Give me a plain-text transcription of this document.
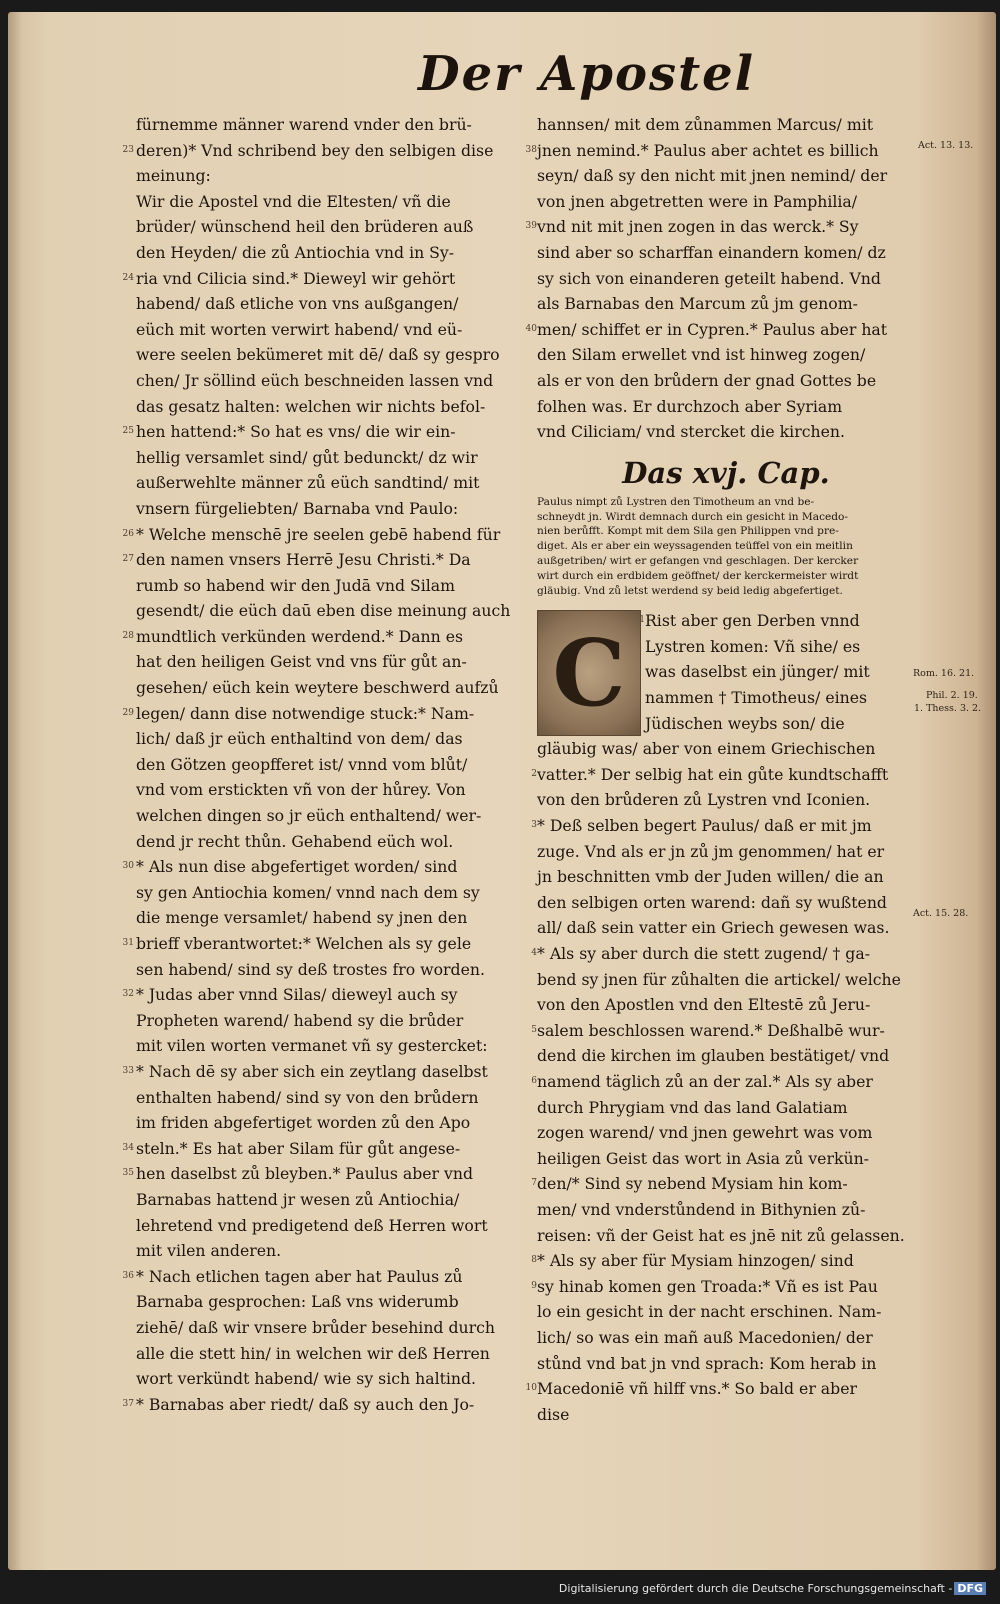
Der Apostel
fürnemme männer warend vnder den brü-
23 deren)* Vnd schribend bey den selbigen dise
meinung:
Wir die Apostel vnd die Eltesten/ vñ die
brüder/ wünschend heil den brüderen auß
den Heyden/ die zů Antiochia vnd in Sy-
24 ria vnd Cilicia sind.* Dieweyl wir gehört
habend/ daß etliche von vns außgangen/
eüch mit worten verwirt habend/ vnd eü-
were seelen bekümeret mit dē/ daß sy gespro
chen/ Jr söllind eüch beschneiden lassen vnd
das gesatz halten: welchen wir nichts befol-
25 hen hattend:* So hat es vns/ die wir ein-
hellig versamlet sind/ gůt bedunckt/ dz wir
außerwehlte männer zů eüch sandtind/ mit
vnsern fürgeliebten/ Barnaba vnd Paulo:
26 * Welche menschē jre seelen gebē habend für
27 den namen vnsers Herrē Jesu Christi.* Da
rumb so habend wir den Judā vnd Silam
gesendt/ die eüch daū eben dise meinung auch
28 mundtlich verkünden werdend.* Dann es
hat den heiligen Geist vnd vns für gůt an-
gesehen/ eüch kein weytere beschwerd aufzů
29 legen/ dann dise notwendige stuck:* Nam-
lich/ daß jr eüch enthaltind von dem/ das
den Götzen geopfferet ist/ vnnd vom blůt/
vnd vom erstickten vñ von der hůrey. Von
welchen dingen so jr eüch enthaltend/ wer-
dend jr recht thůn. Gehabend eüch wol.
30 * Als nun dise abgefertiget worden/ sind
sy gen Antiochia komen/ vnnd nach dem sy
die menge versamlet/ habend sy jnen den
31 brieff vberantwortet:* Welchen als sy gele
sen habend/ sind sy deß trostes fro worden.
32 * Judas aber vnnd Silas/ dieweyl auch sy
Propheten warend/ habend sy die brůder
mit vilen worten vermanet vñ sy gestercket:
33 * Nach dē sy aber sich ein zeytlang daselbst
enthalten habend/ sind sy von den brůdern
im friden abgefertiget worden zů den Apo
34 steln.* Es hat aber Silam für gůt angese-
35 hen daselbst zů bleyben.* Paulus aber vnd
Barnabas hattend jr wesen zů Antiochia/
lehretend vnd predigetend deß Herren wort
mit vilen anderen.
36 * Nach etlichen tagen aber hat Paulus zů
Barnaba gesprochen: Laß vns widerumb
ziehē/ daß wir vnsere brůder besehind durch
alle die stett hin/ in welchen wir deß Herren
wort verkündt habend/ wie sy sich haltind.
37 * Barnabas aber riedt/ daß sy auch den Jo-
hannsen/ mit dem zůnammen Marcus/ mit
38 jnen nemind.* Paulus aber achtet es billich
seyn/ daß sy den nicht mit jnen nemind/ der
von jnen abgetretten were in Pamphilia/
39 vnd nit mit jnen zogen in das werck.* Sy
sind aber so scharffan einandern komen/ dz
sy sich von einanderen geteilt habend. Vnd
als Barnabas den Marcum zů jm genom-
40 men/ schiffet er in Cypren.* Paulus aber hat
den Silam erwellet vnd ist hinweg zogen/
als er von den brůdern der gnad Gottes be
folhen was. Er durchzoch aber Syriam
vnd Ciliciam/ vnd stercket die kirchen.
Das xvj. Cap.
Paulus nimpt zů Lystren den Timotheum an vnd be-
schneydt jn. Wirdt demnach durch ein gesicht in Macedo-
nien berůfft. Kompt mit dem Sila gen Philippen vnd pre-
diget. Als er aber ein weyssagenden teüffel von ein meitlin
außgetriben/ wirt er gefangen vnd geschlagen. Der kercker
wirt durch ein erdbidem geöffnet/ der kerckermeister wirdt
gläubig. Vnd zů letst werdend sy beid ledig abgefertiget.
C	1 Rist aber gen Derben vnnd
Lystren komen: Vñ sihe/ es
was daselbst ein jünger/ mit
nammen † Timotheus/ eines
Jüdischen weybs son/ die
gläubig was/ aber von einem Griechischen
2 vatter.* Der selbig hat ein gůte kundtschafft
von den brůderen zů Lystren vnd Iconien.
3 * Deß selben begert Paulus/ daß er mit jm
zuge. Vnd als er jn zů jm genommen/ hat er
jn beschnitten vmb der Juden willen/ die an
den selbigen orten warend: dañ sy wußtend
all/ daß sein vatter ein Griech gewesen was.
4 * Als sy aber durch die stett zugend/ † ga-
bend sy jnen für zůhalten die artickel/ welche
von den Apostlen vnd den Eltestē zů Jeru-
5 salem beschlossen warend.* Deßhalbē wur-
dend die kirchen im glauben bestätiget/ vnd
6 namend täglich zů an der zal.* Als sy aber
durch Phrygiam vnd das land Galatiam
zogen warend/ vnd jnen gewehrt was vom
heiligen Geist das wort in Asia zů verkün-
7 den/* Sind sy nebend Mysiam hin kom-
men/ vnd vnderstůndend in Bithynien zů-
reisen: vñ der Geist hat es jnē nit zů gelassen.
8 * Als sy aber für Mysiam hinzogen/ sind
9 sy hinab komen gen Troada:* Vñ es ist Pau
lo ein gesicht in der nacht erschinen. Nam-
lich/ so was ein mañ auß Macedonien/ der
stůnd vnd bat jn vnd sprach: Kom herab in
10 Macedoniē vñ hilff vns.* So bald er aber
dise
Act. 13. 13.
Rom. 16. 21.
Phil. 2. 19.
1. Thess. 3. 2.
Act. 15. 28.
Digitalisierung gefördert durch die Deutsche Forschungsgemeinschaft - DFG
